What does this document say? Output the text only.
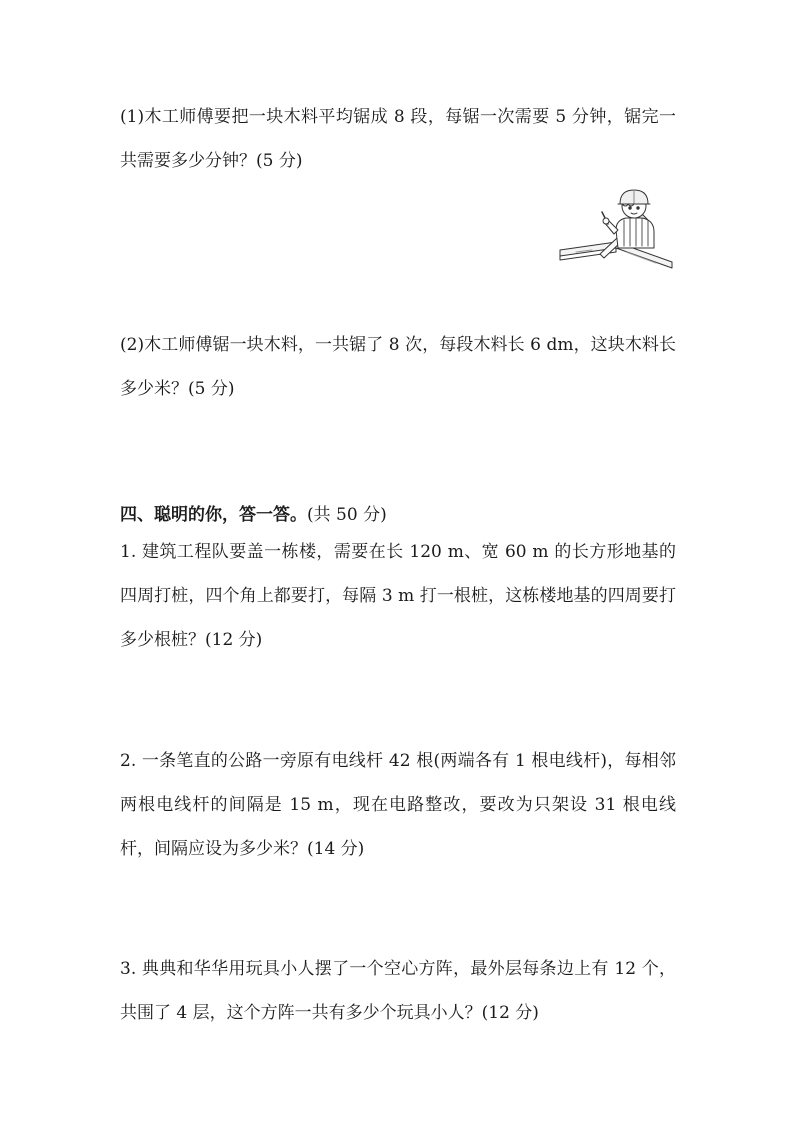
(1)木工师傅要把一块木料平均锯成 8 段，每锯一次需要 5 分钟，锯完一共需要多少分钟？(5 分)

(2)木工师傅锯一块木料，一共锯了 8 次，每段木料长 6 dm，这块木料长多少米？(5 分)

四、聪明的你，答一答。(共 50 分)

1. 建筑工程队要盖一栋楼，需要在长 120 m、宽 60 m 的长方形地基的四周打桩，四个角上都要打，每隔 3 m 打一根桩，这栋楼地基的四周要打多少根桩？(12 分)

2. 一条笔直的公路一旁原有电线杆 42 根(两端各有 1 根电线杆)，每相邻两根电线杆的间隔是 15 m，现在电路整改，要改为只架设 31 根电线杆，间隔应设为多少米？(14 分)

3. 典典和华华用玩具小人摆了一个空心方阵，最外层每条边上有 12 个，共围了 4 层，这个方阵一共有多少个玩具小人？(12 分)
